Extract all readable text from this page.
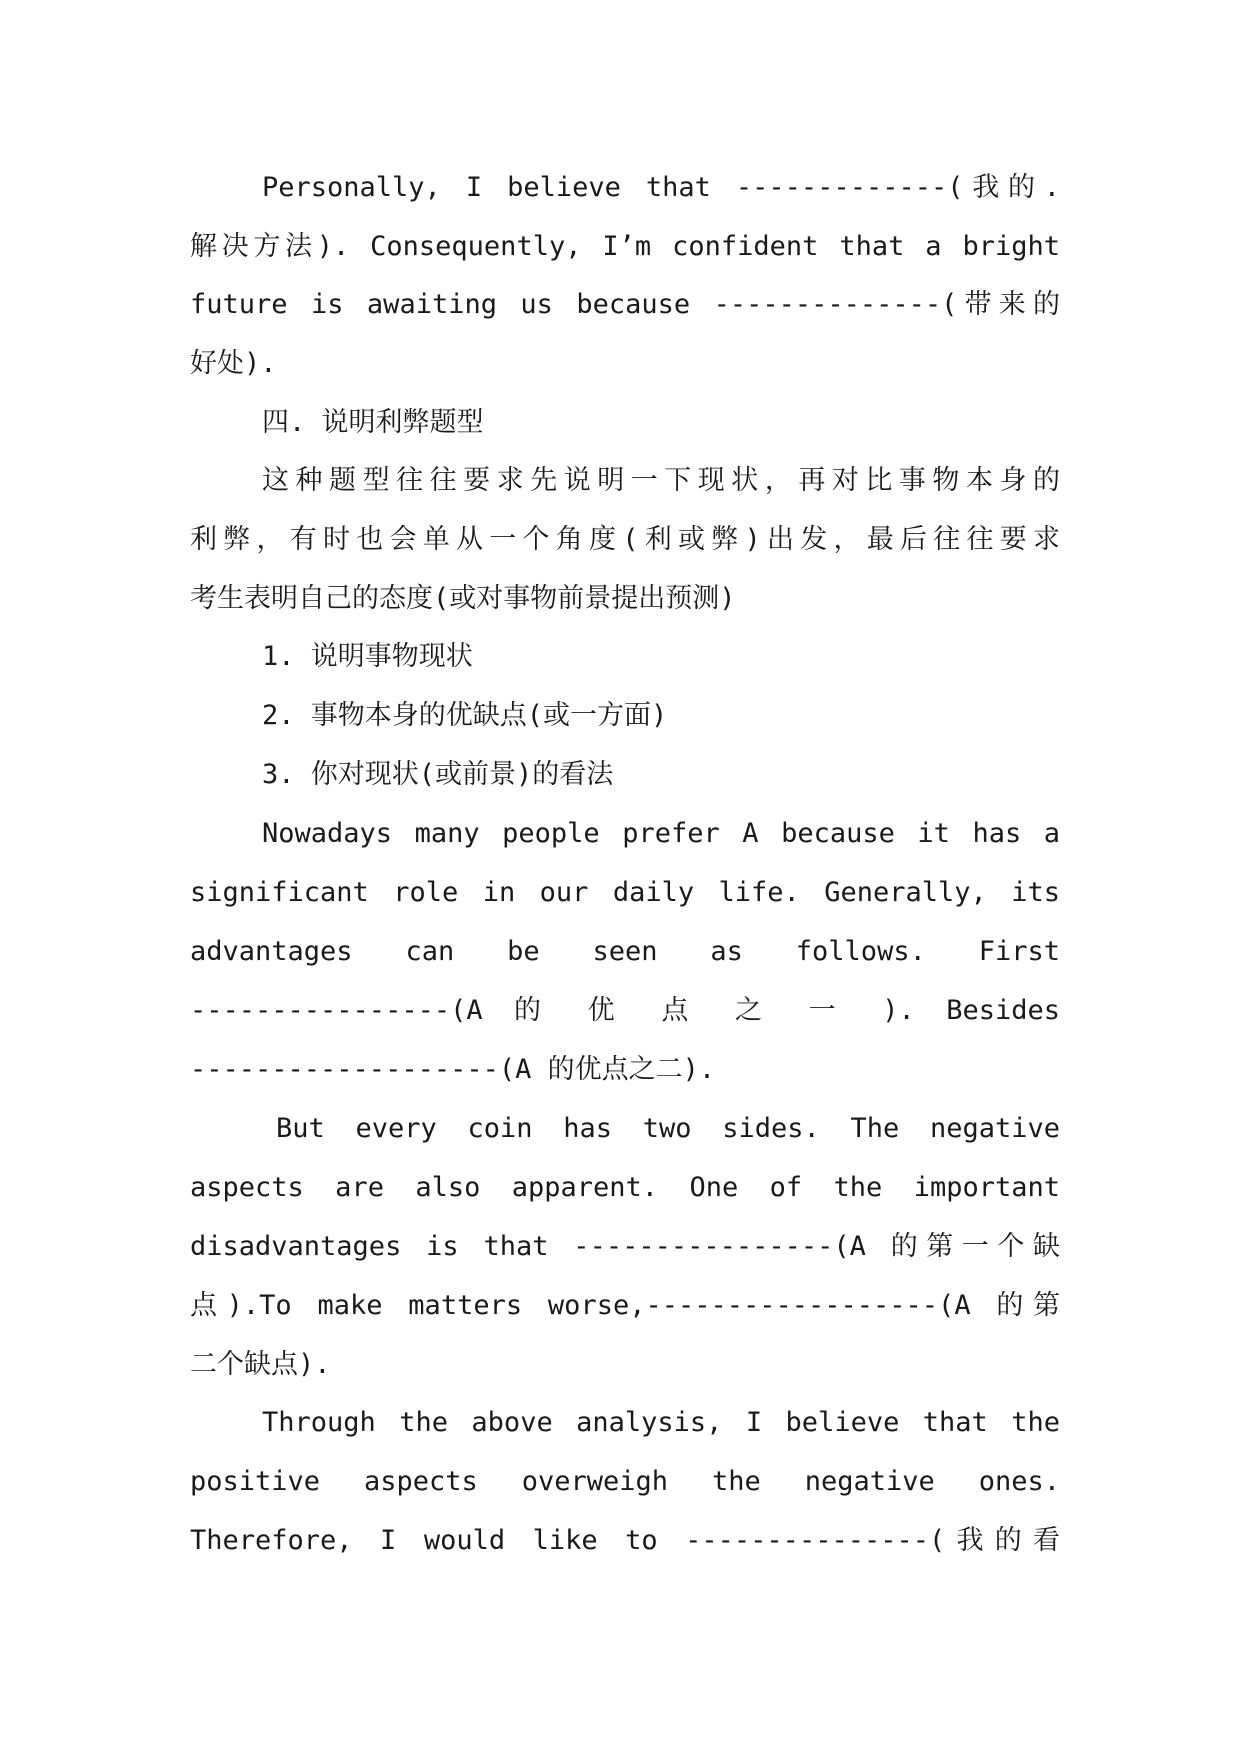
Personally, I believe that -------------(我的.
解决方法). Consequently, I’m confident that a bright
future is awaiting us because --------------(带来的
好处).
四. 说明利弊题型
这种题型往往要求先说明一下现状，再对比事物本身的
利弊，有时也会单从一个角度(利或弊)出发，最后往往要求
考生表明自己的态度(或对事物前景提出预测)
1. 说明事物现状
2. 事物本身的优缺点(或一方面)
3. 你对现状(或前景)的看法
Nowadays many people prefer A because it has a
significant role in our daily life. Generally, its
advantages can be seen as follows. First
----------------(A 的 优 点 之 一 ). Besides
-------------------(A 的优点之二).
But every coin has two sides. The negative
aspects are also apparent. One of the important
disadvantages is that ----------------(A 的第一个缺
点).To make matters worse,------------------(A 的第
二个缺点).
Through the above analysis, I believe that the
positive aspects overweigh the negative ones.
Therefore, I would like to ---------------(我的看
